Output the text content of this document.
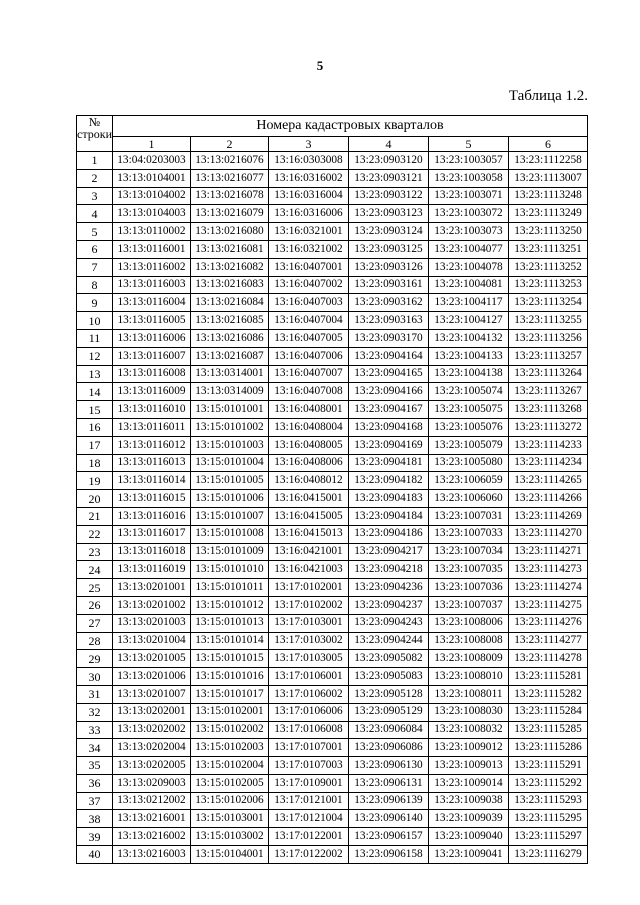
5
Таблица 1.2.
№
строки	Номера кадастровых кварталов					
	1	2	3	4	5	6
1	13:04:0203003	13:13:0216076	13:16:0303008	13:23:0903120	13:23:1003057	13:23:1112258
2	13:13:0104001	13:13:0216077	13:16:0316002	13:23:0903121	13:23:1003058	13:23:1113007
3	13:13:0104002	13:13:0216078	13:16:0316004	13:23:0903122	13:23:1003071	13:23:1113248
4	13:13:0104003	13:13:0216079	13:16:0316006	13:23:0903123	13:23:1003072	13:23:1113249
5	13:13:0110002	13:13:0216080	13:16:0321001	13:23:0903124	13:23:1003073	13:23:1113250
6	13:13:0116001	13:13:0216081	13:16:0321002	13:23:0903125	13:23:1004077	13:23:1113251
7	13:13:0116002	13:13:0216082	13:16:0407001	13:23:0903126	13:23:1004078	13:23:1113252
8	13:13:0116003	13:13:0216083	13:16:0407002	13:23:0903161	13:23:1004081	13:23:1113253
9	13:13:0116004	13:13:0216084	13:16:0407003	13:23:0903162	13:23:1004117	13:23:1113254
10	13:13:0116005	13:13:0216085	13:16:0407004	13:23:0903163	13:23:1004127	13:23:1113255
11	13:13:0116006	13:13:0216086	13:16:0407005	13:23:0903170	13:23:1004132	13:23:1113256
12	13:13:0116007	13:13:0216087	13:16:0407006	13:23:0904164	13:23:1004133	13:23:1113257
13	13:13:0116008	13:13:0314001	13:16:0407007	13:23:0904165	13:23:1004138	13:23:1113264
14	13:13:0116009	13:13:0314009	13:16:0407008	13:23:0904166	13:23:1005074	13:23:1113267
15	13:13:0116010	13:15:0101001	13:16:0408001	13:23:0904167	13:23:1005075	13:23:1113268
16	13:13:0116011	13:15:0101002	13:16:0408004	13:23:0904168	13:23:1005076	13:23:1113272
17	13:13:0116012	13:15:0101003	13:16:0408005	13:23:0904169	13:23:1005079	13:23:1114233
18	13:13:0116013	13:15:0101004	13:16:0408006	13:23:0904181	13:23:1005080	13:23:1114234
19	13:13:0116014	13:15:0101005	13:16:0408012	13:23:0904182	13:23:1006059	13:23:1114265
20	13:13:0116015	13:15:0101006	13:16:0415001	13:23:0904183	13:23:1006060	13:23:1114266
21	13:13:0116016	13:15:0101007	13:16:0415005	13:23:0904184	13:23:1007031	13:23:1114269
22	13:13:0116017	13:15:0101008	13:16:0415013	13:23:0904186	13:23:1007033	13:23:1114270
23	13:13:0116018	13:15:0101009	13:16:0421001	13:23:0904217	13:23:1007034	13:23:1114271
24	13:13:0116019	13:15:0101010	13:16:0421003	13:23:0904218	13:23:1007035	13:23:1114273
25	13:13:0201001	13:15:0101011	13:17:0102001	13:23:0904236	13:23:1007036	13:23:1114274
26	13:13:0201002	13:15:0101012	13:17:0102002	13:23:0904237	13:23:1007037	13:23:1114275
27	13:13:0201003	13:15:0101013	13:17:0103001	13:23:0904243	13:23:1008006	13:23:1114276
28	13:13:0201004	13:15:0101014	13:17:0103002	13:23:0904244	13:23:1008008	13:23:1114277
29	13:13:0201005	13:15:0101015	13:17:0103005	13:23:0905082	13:23:1008009	13:23:1114278
30	13:13:0201006	13:15:0101016	13:17:0106001	13:23:0905083	13:23:1008010	13:23:1115281
31	13:13:0201007	13:15:0101017	13:17:0106002	13:23:0905128	13:23:1008011	13:23:1115282
32	13:13:0202001	13:15:0102001	13:17:0106006	13:23:0905129	13:23:1008030	13:23:1115284
33	13:13:0202002	13:15:0102002	13:17:0106008	13:23:0906084	13:23:1008032	13:23:1115285
34	13:13:0202004	13:15:0102003	13:17:0107001	13:23:0906086	13:23:1009012	13:23:1115286
35	13:13:0202005	13:15:0102004	13:17:0107003	13:23:0906130	13:23:1009013	13:23:1115291
36	13:13:0209003	13:15:0102005	13:17:0109001	13:23:0906131	13:23:1009014	13:23:1115292
37	13:13:0212002	13:15:0102006	13:17:0121001	13:23:0906139	13:23:1009038	13:23:1115293
38	13:13:0216001	13:15:0103001	13:17:0121004	13:23:0906140	13:23:1009039	13:23:1115295
39	13:13:0216002	13:15:0103002	13:17:0122001	13:23:0906157	13:23:1009040	13:23:1115297
40	13:13:0216003	13:15:0104001	13:17:0122002	13:23:0906158	13:23:1009041	13:23:1116279
